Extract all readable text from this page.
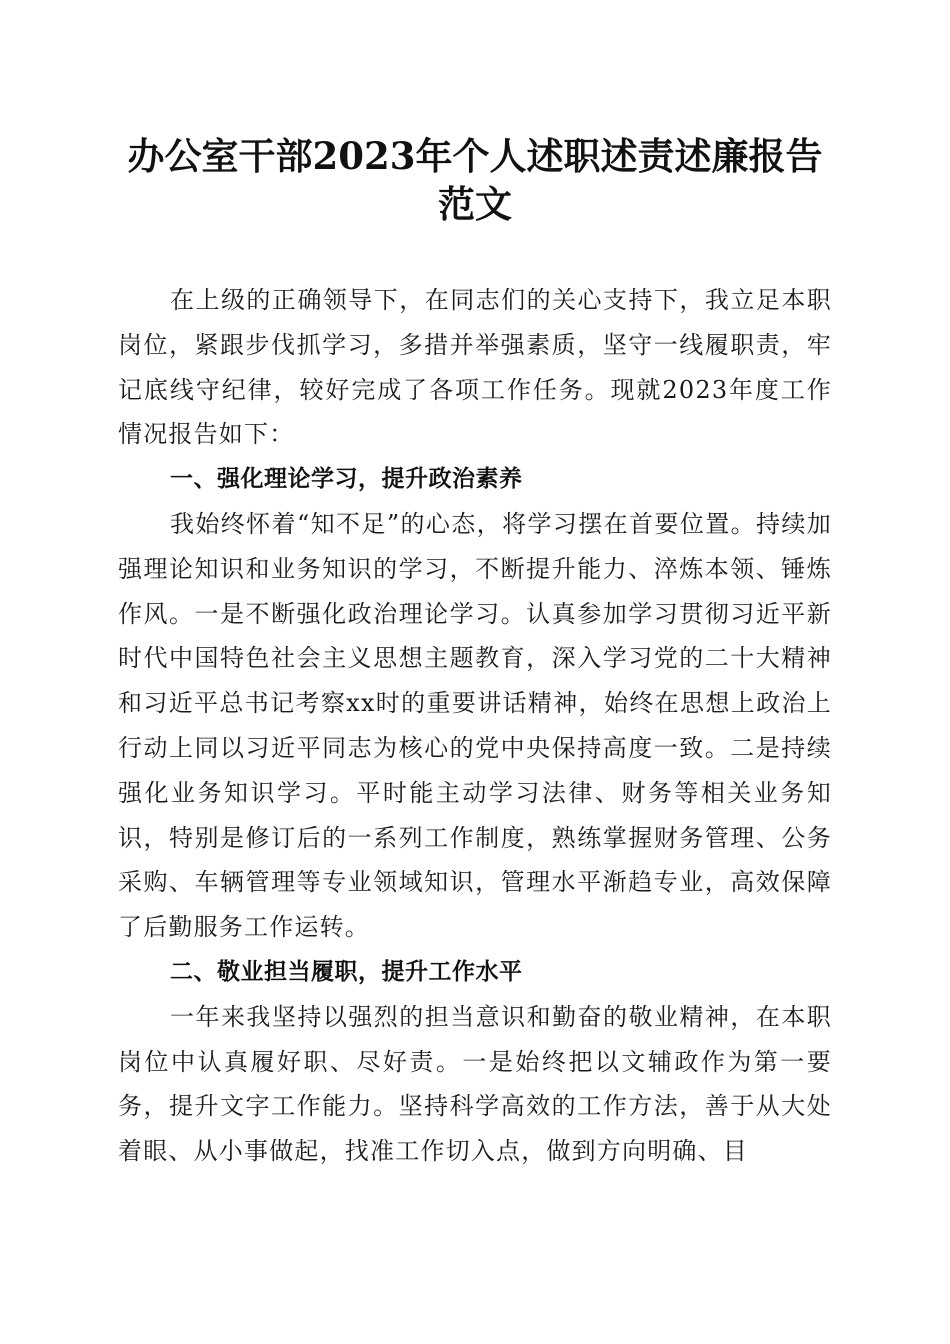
办公室干部2023年个人述职述责述廉报告范文

在上级的正确领导下，在同志们的关心支持下，我立足本职岗位，紧跟步伐抓学习，多措并举强素质，坚守一线履职责，牢记底线守纪律，较好完成了各项工作任务。现就2023年度工作情况报告如下：

一、强化理论学习，提升政治素养

我始终怀着“知不足”的心态，将学习摆在首要位置。持续加强理论知识和业务知识的学习，不断提升能力、淬炼本领、锤炼作风。一是不断强化政治理论学习。认真参加学习贯彻习近平新时代中国特色社会主义思想主题教育，深入学习党的二十大精神和习近平总书记考察xx时的重要讲话精神，始终在思想上政治上行动上同以习近平同志为核心的党中央保持高度一致。二是持续强化业务知识学习。平时能主动学习法律、财务等相关业务知识，特别是修订后的一系列工作制度，熟练掌握财务管理、公务采购、车辆管理等专业领域知识，管理水平渐趋专业，高效保障了后勤服务工作运转。

二、敬业担当履职，提升工作水平

一年来我坚持以强烈的担当意识和勤奋的敬业精神，在本职岗位中认真履好职、尽好责。一是始终把以文辅政作为第一要务，提升文字工作能力。坚持科学高效的工作方法，善于从大处着眼、从小事做起，找准工作切入点，做到方向明确、目
